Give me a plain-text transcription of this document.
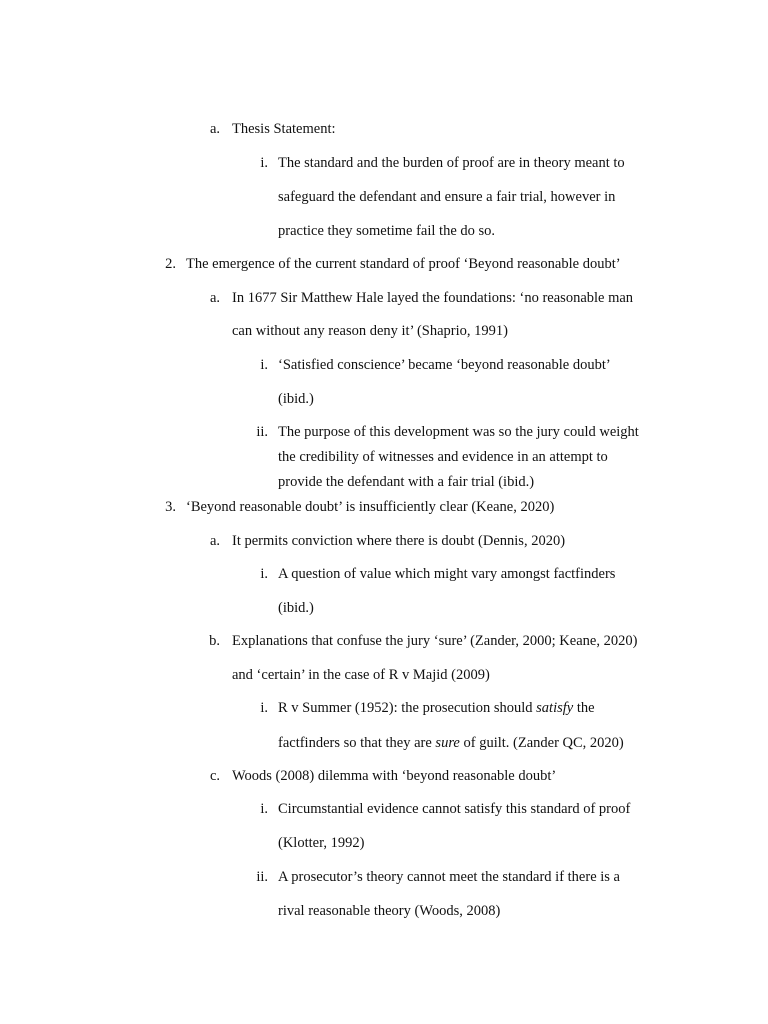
a. Thesis Statement:
i. The standard and the burden of proof are in theory meant to
safeguard the defendant and ensure a fair trial, however in
practice they sometime fail the do so.
2. The emergence of the current standard of proof ‘Beyond reasonable doubt’
a. In 1677 Sir Matthew Hale layed the foundations: ‘no reasonable man
can without any reason deny it’ (Shaprio, 1991)
i. ‘Satisfied conscience’ became ‘beyond reasonable doubt’
(ibid.)
ii. The purpose of this development was so the jury could weight
the credibility of witnesses and evidence in an attempt to
provide the defendant with a fair trial (ibid.)
3. ‘Beyond reasonable doubt’ is insufficiently clear (Keane, 2020)
a. It permits conviction where there is doubt (Dennis, 2020)
i. A question of value which might vary amongst factfinders
(ibid.)
b. Explanations that confuse the jury ‘sure’ (Zander, 2000; Keane, 2020)
and ‘certain’ in the case of R v Majid (2009)
i. R v Summer (1952): the prosecution should satisfy the
factfinders so that they are sure of guilt. (Zander QC, 2020)
c. Woods (2008) dilemma with ‘beyond reasonable doubt’
i. Circumstantial evidence cannot satisfy this standard of proof
(Klotter, 1992)
ii. A prosecutor’s theory cannot meet the standard if there is a
rival reasonable theory (Woods, 2008)
